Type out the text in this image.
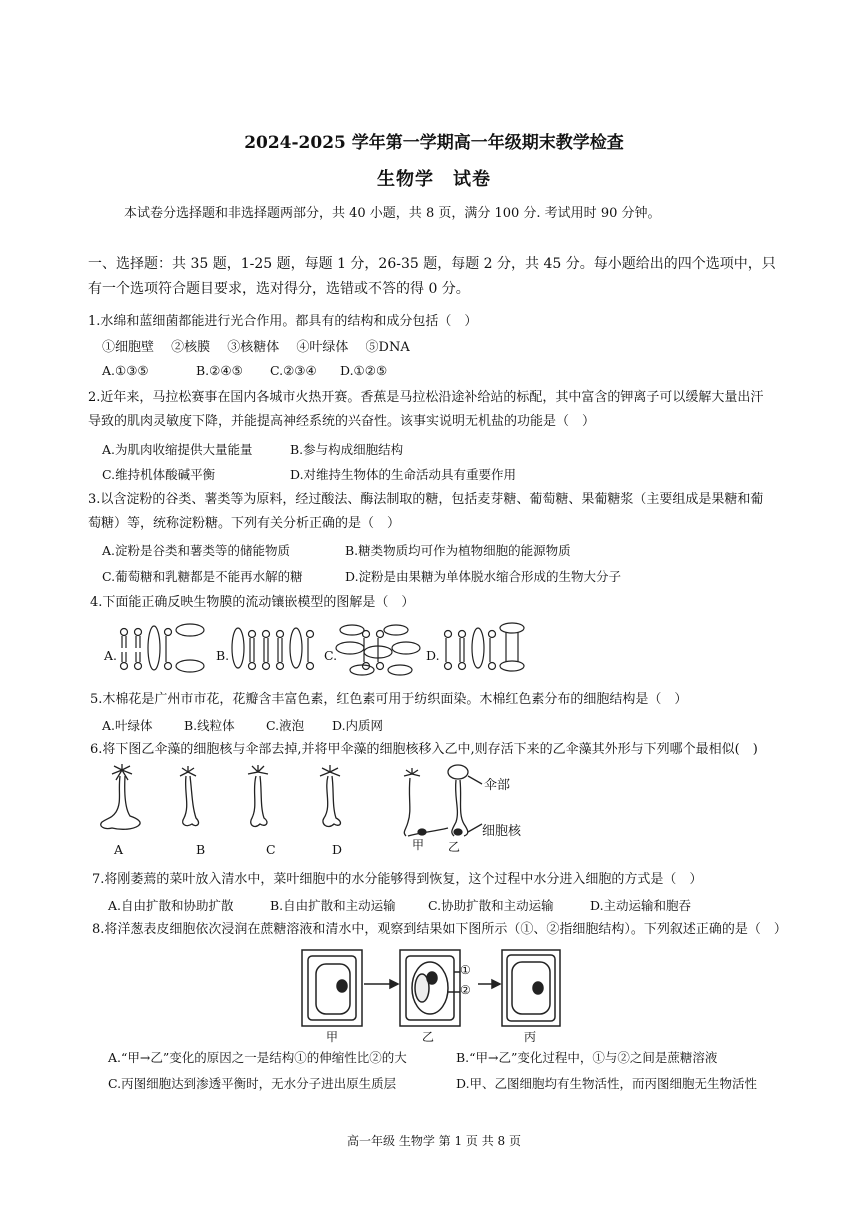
2024-2025 学年第一学期高一年级期末教学检查
生物学　试卷
本试卷分选择题和非选择题两部分，共 40 小题，共 8 页，满分 100 分. 考试用时 90 分钟。
一、选择题：共 35 题，1-25 题，每题 1 分，26-35 题，每题 2 分，共 45 分。每小题给出的四个选项中，只有一个选项符合题目要求，选对得分，选错或不答的得 0 分。
1.水绵和蓝细菌都能进行光合作用。都具有的结构和成分包括（　）
①细胞壁　 ②核膜　 ③核糖体　 ④叶绿体　 ⑤DNA
A.①③⑤	B.②④⑤ C.②③④ D.①②⑤
2.近年来，马拉松赛事在国内各城市火热开赛。香蕉是马拉松沿途补给站的标配，其中富含的钾离子可以缓解大量出汗
导致的肌肉灵敏度下降，并能提高神经系统的兴奋性。该事实说明无机盐的功能是（　）
A.为肌肉收缩提供大量能量	B.参与构成细胞结构
C.维持机体酸碱平衡	D.对维持生物体的生命活动具有重要作用
3.以含淀粉的谷类、薯类等为原料，经过酸法、酶法制取的糖，包括麦芽糖、葡萄糖、果葡糖浆（主要组成是果糖和葡
萄糖）等，统称淀粉糖。下列有关分析正确的是（　）
A.淀粉是谷类和薯类等的储能物质	B.糖类物质均可作为植物细胞的能源物质
C.葡萄糖和乳糖都是不能再水解的糖	D.淀粉是由果糖为单体脱水缩合形成的生物大分子
4.下面能正确反映生物膜的流动镶嵌模型的图解是（　）
A.	B.	C.	D.
5.木棉花是广州市市花，花瓣含丰富色素，红色素可用于纺织面染。木棉红色素分布的细胞结构是（　）
A.叶绿体	B.线粒体	C.液泡 D.内质网
6.将下图乙伞藻的细胞核与伞部去掉,并将甲伞藻的细胞核移入乙中,则存活下来的乙伞藻其外形与下列哪个最相似(　)
伞部
细胞核
甲 乙
A	B	C	D
7.将刚萎蔫的菜叶放入清水中，菜叶细胞中的水分能够得到恢复，这个过程中水分进入细胞的方式是（　）
A.自由扩散和协助扩散	B.自由扩散和主动运输	C.协助扩散和主动运输	D.主动运输和胞吞
8.将洋葱表皮细胞依次浸润在蔗糖溶液和清水中，观察到结果如下图所示（①、②指细胞结构）。下列叙述正确的是（　）
①
②
甲	乙	丙
A.“甲→乙”变化的原因之一是结构①的伸缩性比②的大	B.“甲→乙”变化过程中，①与②之间是蔗糖溶液
C.丙图细胞达到渗透平衡时，无水分子进出原生质层	D.甲、乙图细胞均有生物活性，而丙图细胞无生物活性
高一年级 生物学 第 1 页 共 8 页
